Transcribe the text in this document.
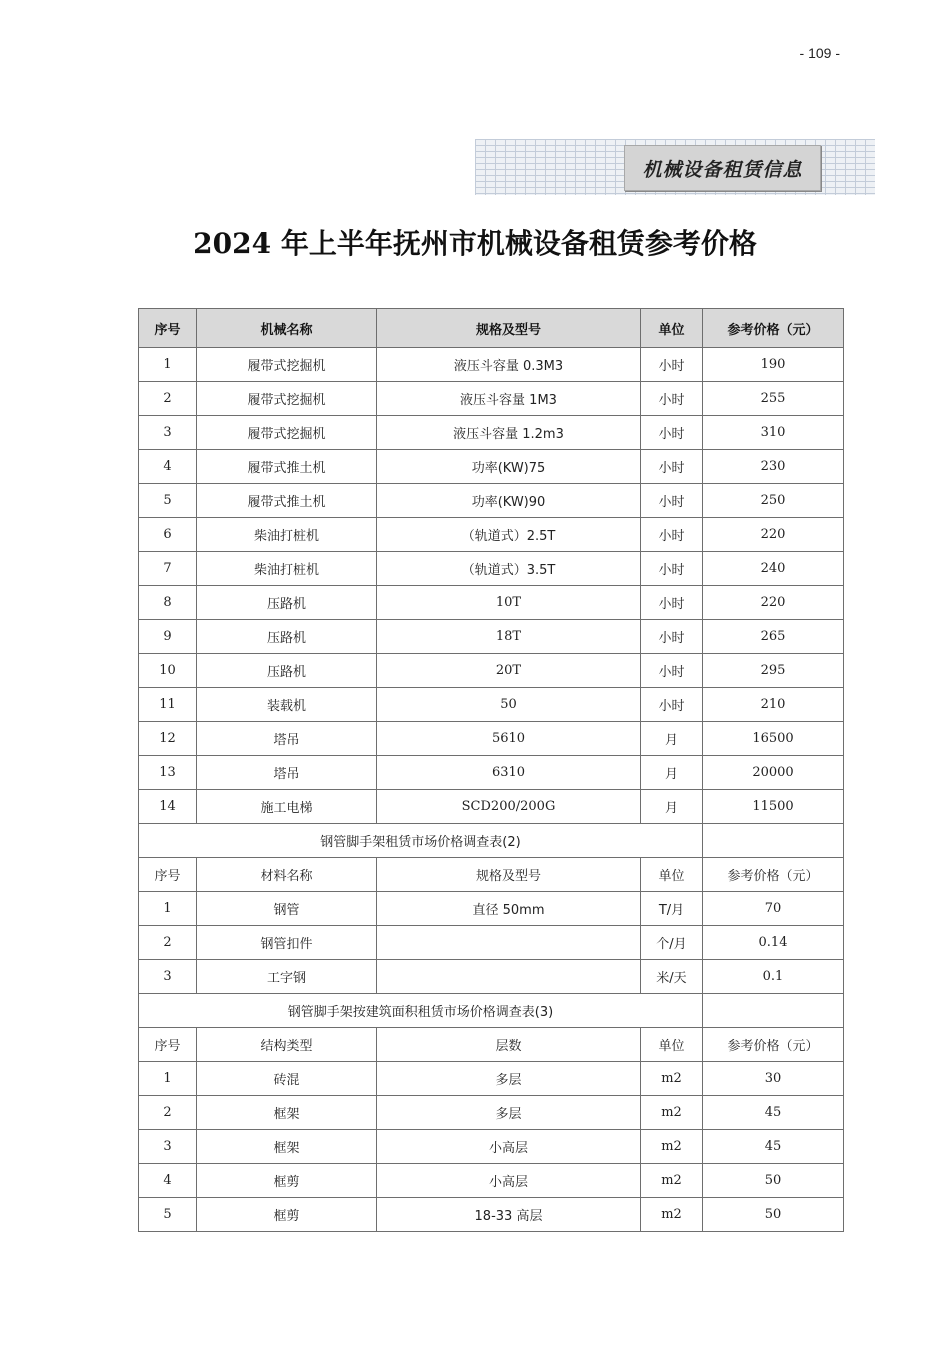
- 109 -
机械设备租赁信息
2024 年上半年抚州市机械设备租赁参考价格
序号	机械名称	规格及型号	单位	参考价格（元）
1	履带式挖掘机	液压斗容量 0.3M3	小时	190
2	履带式挖掘机	液压斗容量 1M3	小时	255
3	履带式挖掘机	液压斗容量 1.2m3	小时	310
4	履带式推土机	功率(KW)75	小时	230
5	履带式推土机	功率(KW)90	小时	250
6	柴油打桩机	（轨道式）2.5T	小时	220
7	柴油打桩机	（轨道式）3.5T	小时	240
8	压路机	10T	小时	220
9	压路机	18T	小时	265
10	压路机	20T	小时	295
11	装载机	50	小时	210
12	塔吊	5610	月	16500
13	塔吊	6310	月	20000
14	施工电梯	SCD200/200G	月	11500
钢管脚手架租赁市场价格调查表(2)				
序号	材料名称	规格及型号	单位	参考价格（元）
1	钢管	直径 50mm	T/月	70
2	钢管扣件		个/月	0.14
3	工字钢		米/天	0.1
钢管脚手架按建筑面积租赁市场价格调查表(3)				
序号	结构类型	层数	单位	参考价格（元）
1	砖混	多层	m2	30
2	框架	多层	m2	45
3	框架	小高层	m2	45
4	框剪	小高层	m2	50
5	框剪	18-33 高层	m2	50
